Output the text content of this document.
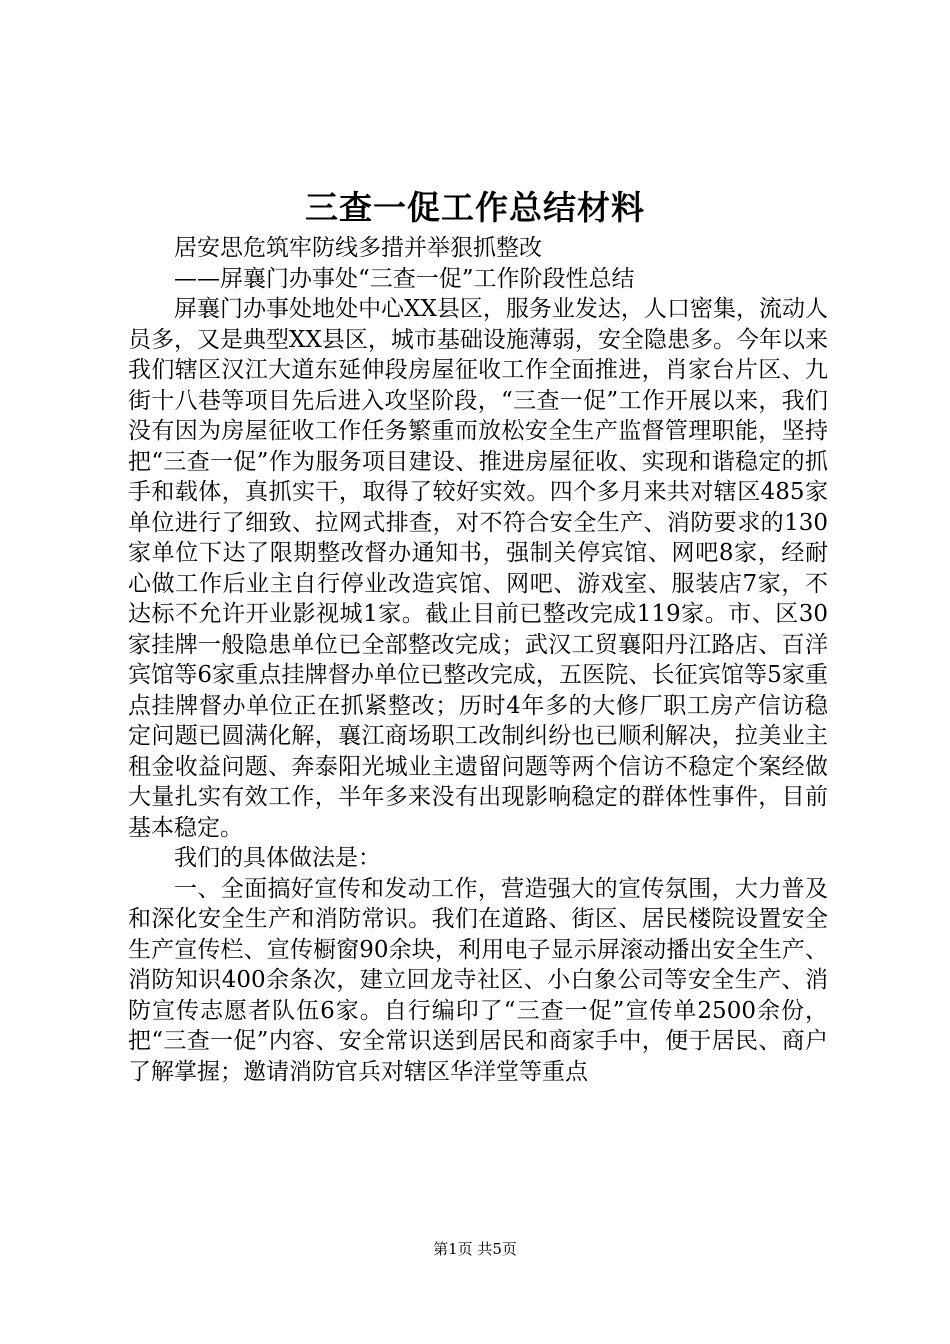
三查一促工作总结材料

居安思危筑牢防线多措并举狠抓整改

——屏襄门办事处“三查一促”工作阶段性总结

屏襄门办事处地处中心XX县区，服务业发达，人口密集，流动人员多，又是典型XX县区，城市基础设施薄弱，安全隐患多。今年以来我们辖区汉江大道东延伸段房屋征收工作全面推进，肖家台片区、九街十八巷等项目先后进入攻坚阶段，“三查一促”工作开展以来，我们没有因为房屋征收工作任务繁重而放松安全生产监督管理职能，坚持把“三查一促”作为服务项目建设、推进房屋征收、实现和谐稳定的抓手和载体，真抓实干，取得了较好实效。四个多月来共对辖区485家单位进行了细致、拉网式排查，对不符合安全生产、消防要求的130家单位下达了限期整改督办通知书，强制关停宾馆、网吧8家，经耐心做工作后业主自行停业改造宾馆、网吧、游戏室、服装店7家，不达标不允许开业影视城1家。截止目前已整改完成119家。市、区30家挂牌一般隐患单位已全部整改完成；武汉工贸襄阳丹江路店、百洋宾馆等6家重点挂牌督办单位已整改完成，五医院、长征宾馆等5家重点挂牌督办单位正在抓紧整改；历时4年多的大修厂职工房产信访稳定问题已圆满化解，襄江商场职工改制纠纷也已顺利解决，拉美业主租金收益问题、奔泰阳光城业主遗留问题等两个信访不稳定个案经做大量扎实有效工作，半年多来没有出现影响稳定的群体性事件，目前基本稳定。

我们的具体做法是：

一、全面搞好宣传和发动工作，营造强大的宣传氛围，大力普及和深化安全生产和消防常识。我们在道路、街区、居民楼院设置安全生产宣传栏、宣传橱窗90余块，利用电子显示屏滚动播出安全生产、消防知识400余条次，建立回龙寺社区、小白象公司等安全生产、消防宣传志愿者队伍6家。自行编印了“三查一促”宣传单2500余份，把“三查一促”内容、安全常识送到居民和商家手中，便于居民、商户了解掌握；邀请消防官兵对辖区华洋堂等重点

第1页 共5页
